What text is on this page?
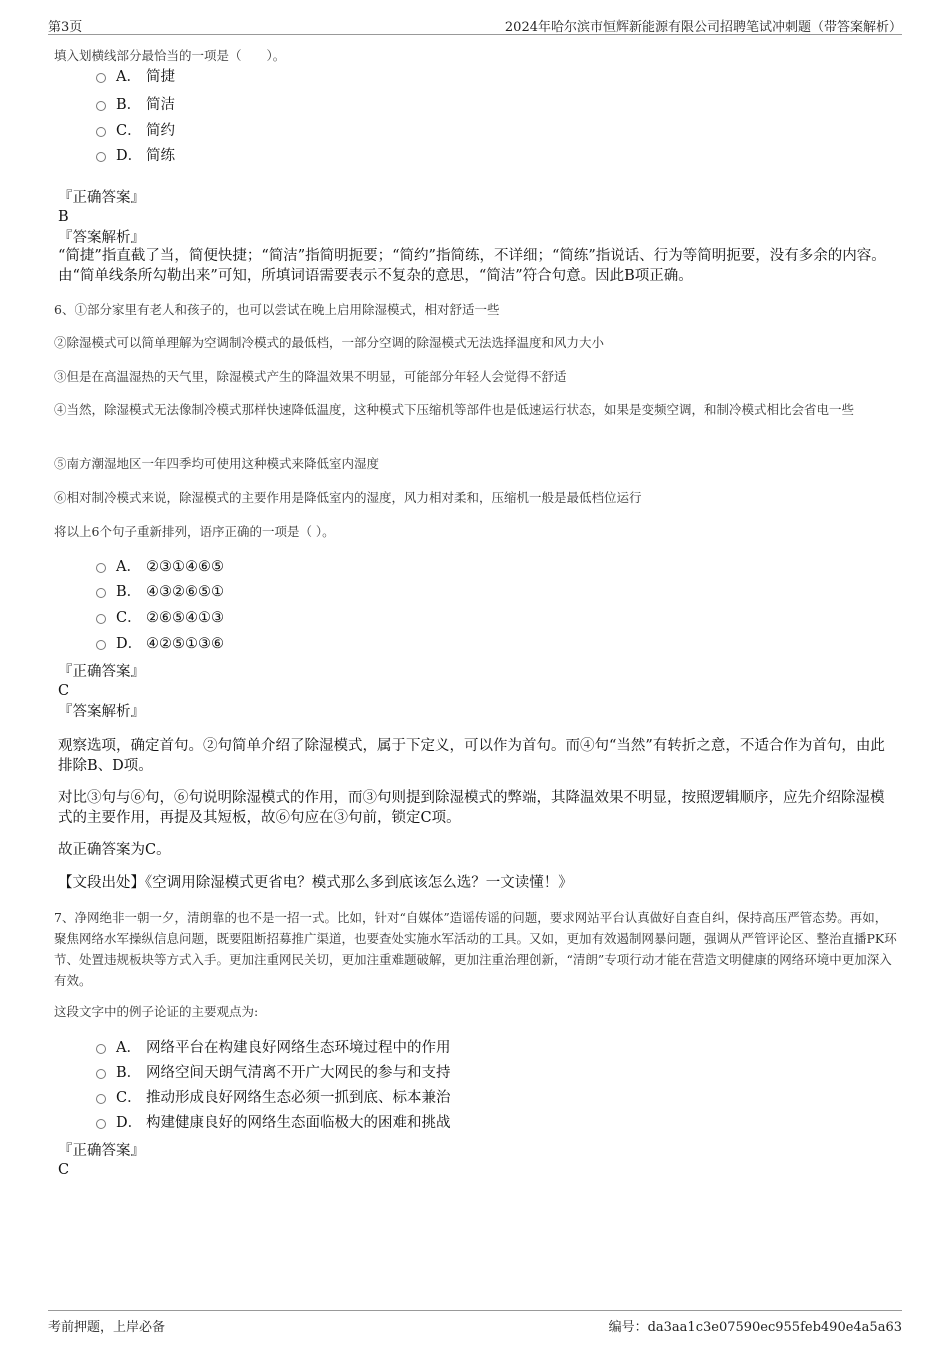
第3页	2024年哈尔滨市恒辉新能源有限公司招聘笔试冲刺题（带答案解析）
填入划横线部分最恰当的一项是（　　）。
A． 简捷
B． 简洁
C． 简约
D． 简练
『正确答案』
B
『答案解析』
“简捷”指直截了当，简便快捷；“简洁”指简明扼要；“简约”指简练，不详细；“简练”指说话、行为等简明扼要，没有多余的内容。由“简单线条所勾勒出来”可知，所填词语需要表示不复杂的意思，“简洁”符合句意。因此B项正确。
6、①部分家里有老人和孩子的，也可以尝试在晚上启用除湿模式，相对舒适一些
②除湿模式可以简单理解为空调制冷模式的最低档，一部分空调的除湿模式无法选择温度和风力大小
③但是在高温湿热的天气里，除湿模式产生的降温效果不明显，可能部分年轻人会觉得不舒适
④当然，除湿模式无法像制冷模式那样快速降低温度，这种模式下压缩机等部件也是低速运行状态，如果是变频空调，和制冷模式相比会省电一些
⑤南方潮湿地区一年四季均可使用这种模式来降低室内湿度
⑥相对制冷模式来说，除湿模式的主要作用是降低室内的湿度，风力相对柔和，压缩机一般是最低档位运行
将以上6个句子重新排列，语序正确的一项是（ ）。
A． ②③①④⑥⑤
B． ④③②⑥⑤①
C． ②⑥⑤④①③
D． ④②⑤①③⑥
『正确答案』
C
『答案解析』
观察选项，确定首句。②句简单介绍了除湿模式，属于下定义，可以作为首句。而④句“当然”有转折之意，不适合作为首句，由此排除B、D项。
对比③句与⑥句，⑥句说明除湿模式的作用，而③句则提到除湿模式的弊端，其降温效果不明显，按照逻辑顺序，应先介绍除湿模式的主要作用，再提及其短板，故⑥句应在③句前，锁定C项。
故正确答案为C。
【文段出处】《空调用除湿模式更省电？模式那么多到底该怎么选？一文读懂！》
7、净网绝非一朝一夕，清朗靠的也不是一招一式。比如，针对“自媒体”造谣传谣的问题，要求网站平台认真做好自查自纠，保持高压严管态势。再如，聚焦网络水军操纵信息问题，既要阻断招募推广渠道，也要查处实施水军活动的工具。又如，更加有效遏制网暴问题，强调从严管评论区、整治直播PK环节、处置违规板块等方式入手。更加注重网民关切，更加注重难题破解，更加注重治理创新，“清朗”专项行动才能在营造文明健康的网络环境中更加深入有效。
这段文字中的例子论证的主要观点为:
A． 网络平台在构建良好网络生态环境过程中的作用
B． 网络空间天朗气清离不开广大网民的参与和支持
C． 推动形成良好网络生态必须一抓到底、标本兼治
D． 构建健康良好的网络生态面临极大的困难和挑战
『正确答案』
C
考前押题，上岸必备	编号：da3aa1c3e07590ec955feb490e4a5a63
